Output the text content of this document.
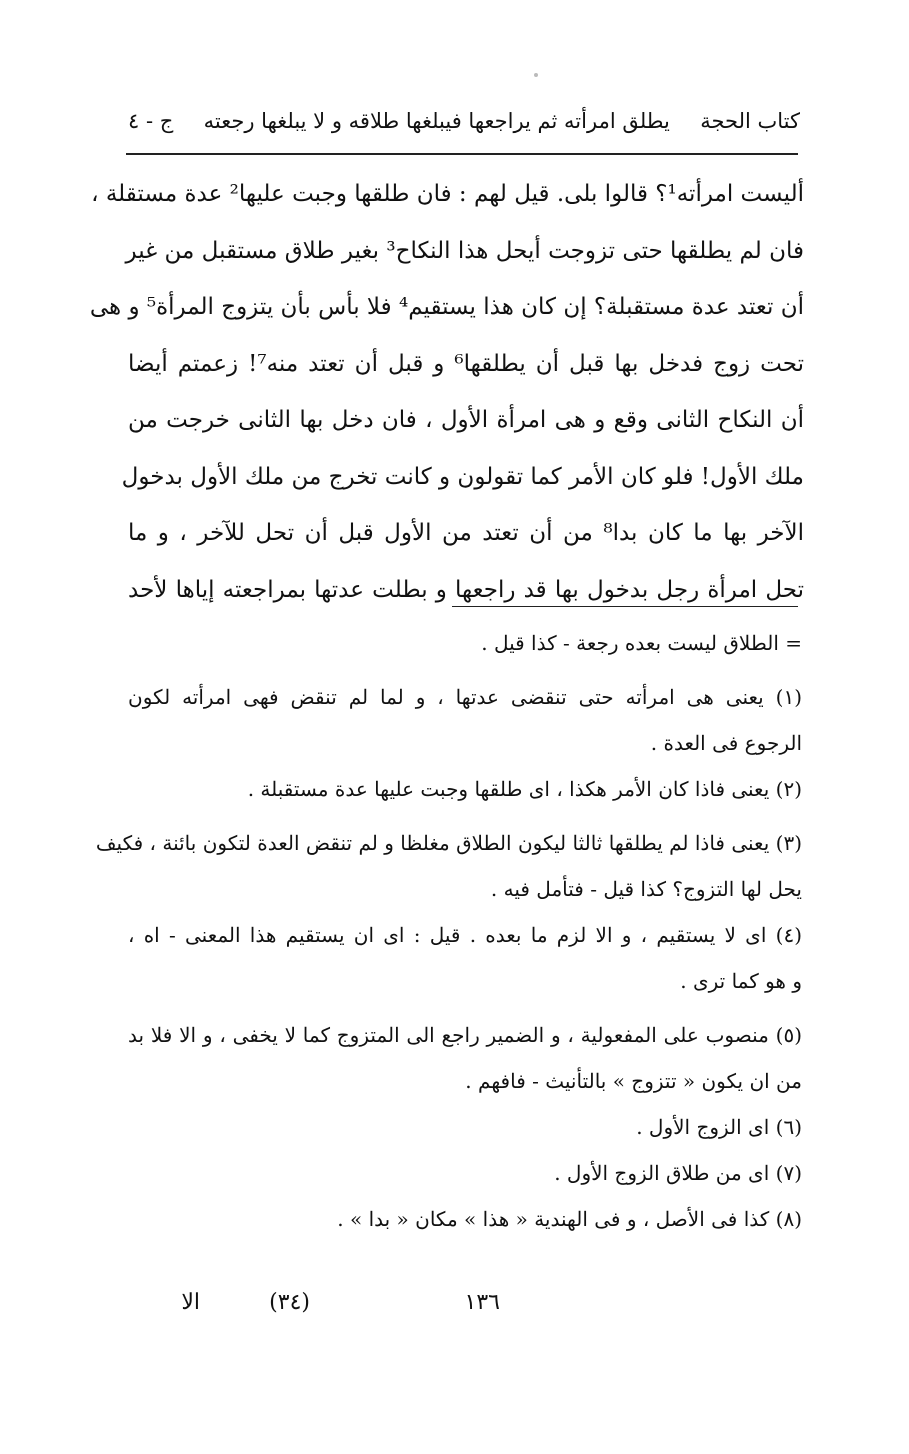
كتاب الحجة
يطلق امرأته ثم يراجعها فيبلغها طلاقه و لا يبلغها رجعته
ج - ٤
أليست امرأته¹؟ قالوا بلى. قيل لهم : فان طلقها وجبت عليها² عدة مستقلة ،
فان لم يطلقها حتى تزوجت أيحل هذا النكاح³ بغير طلاق مستقبل من غير
أن تعتد عدة مستقبلة؟ إن كان هذا يستقيم⁴ فلا بأس بأن يتزوج المرأة⁵ و هى
تحت زوج فدخل بها قبل أن يطلقها⁶ و قبل أن تعتد منه⁷! زعمتم أيضا
أن النكاح الثانى وقع و هى امرأة الأول ، فان دخل بها الثانى خرجت من
ملك الأول! فلو كان الأمر كما تقولون و كانت تخرج من ملك الأول بدخول
الآخر بها ما كان بدا⁸ من أن تعتد من الأول قبل أن تحل للآخر ، و ما
تحل امرأة رجل بدخول بها قد راجعها و بطلت عدتها بمراجعته إياها لأحد
= الطلاق ليست بعده رجعة - كذا قيل .
(١) يعنى هى امرأته حتى تنقضى عدتها ، و لما لم تنقض فهى امرأته لكون
الرجوع فى العدة .
(٢) يعنى فاذا كان الأمر هكذا ، اى طلقها وجبت عليها عدة مستقبلة .
(٣) يعنى فاذا لم يطلقها ثالثا ليكون الطلاق مغلظا و لم تنقض العدة لتكون بائنة ، فكيف
يحل لها التزوج؟ كذا قيل - فتأمل فيه .
(٤) اى لا يستقيم ، و الا لزم ما بعده . قيل : اى ان يستقيم هذا المعنى - اه ،
و هو كما ترى .
(٥) منصوب على المفعولية ، و الضمير راجع الى المتزوج كما لا يخفى ، و الا فلا بد
من ان يكون « تتزوج » بالتأنيث - فافهم .
(٦) اى الزوج الأول .
(٧) اى من طلاق الزوج الأول .
(٨) كذا فى الأصل ، و فى الهندية « هذا » مكان « بدا » .
١٣٦
(٣٤)
الا
